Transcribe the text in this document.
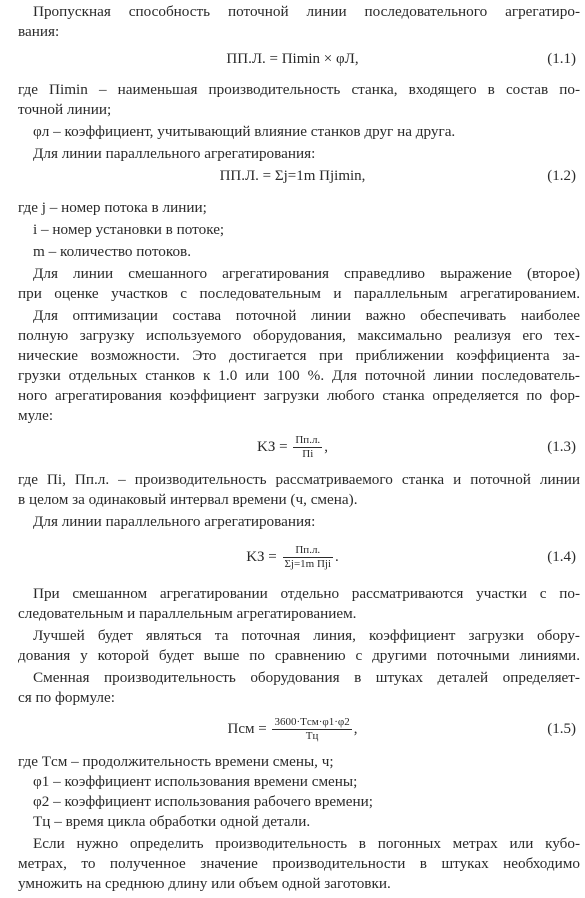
Пропускная способность поточной линии последовательного агрегатиро-
вания:
ПП.Л. = Пimin × φЛ,	(1.1)
где Пimin – наименьшая производительность станка, входящего в состав по-
точной линии;
φл – коэффициент, учитывающий влияние станков друг на друга.
Для линии параллельного агрегатирования:
ПП.Л. = Σj=1m Пjimin,	(1.2)
где j – номер потока в линии;
i – номер установки в потоке;
m – количество потоков.
Для линии смешанного агрегатирования справедливо выражение (второе)
при оценке участков с последовательным и параллельным агрегатированием.
Для оптимизации состава поточной линии важно обеспечивать наиболее
полную загрузку используемого оборудования, максимально реализуя его тех-
нические возможности. Это достигается при приближении коэффициента за-
грузки отдельных станков к 1.0 или 100 %. Для поточной линии последователь-
ного агрегатирования коэффициент загрузки любого станка определяется по фор-
муле:
KЗ = $\frac{Пп.л.}{Пi}$ ,	(1.3)
где Пi, Пп.л. – производительность рассматриваемого станка и поточной линии
в целом за одинаковый интервал времени (ч, смена).
Для линии параллельного агрегатирования:
KЗ = $\frac{Пп.л.}{\text{Σj=1m Пji}}$ .	(1.4)
При смешанном агрегатировании отдельно рассматриваются участки с по-
следовательным и параллельным агрегатированием.
Лучшей будет являться та поточная линия, коэффициент загрузки обору-
дования у которой будет выше по сравнению с другими поточными линиями.
Сменная производительность оборудования в штуках деталей определяет-
ся по формуле:
Псм = $\frac{\text{3600·Tсм·φ1·φ2}}{Tц}$ ,	(1.5)
где Tсм – продолжительность времени смены, ч;
φ1 – коэффициент использования времени смены;
φ2 – коэффициент использования рабочего времени;
Тц – время цикла обработки одной детали.
Если нужно определить производительность в погонных метрах или кубо-
метрах, то полученное значение производительности в штуках необходимо
умножить на среднюю длину или объем одной заготовки.
